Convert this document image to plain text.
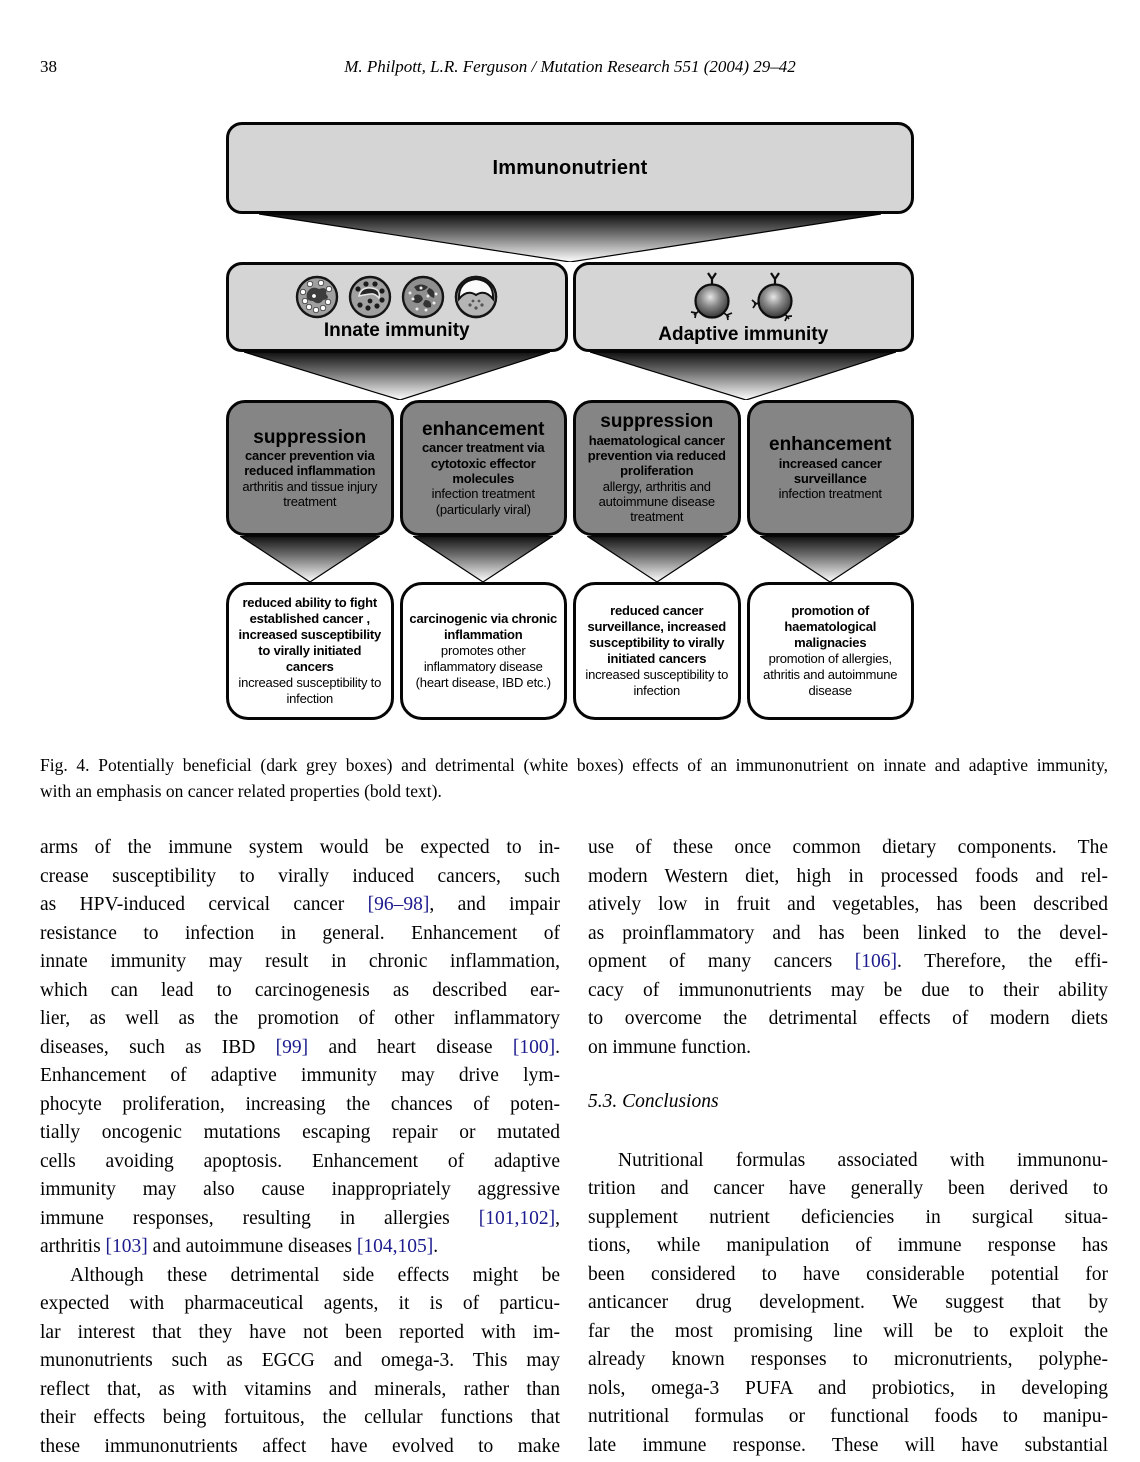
38	M. Philpott, L.R. Ferguson / Mutation Research 551 (2004) 29–42
Immunonutrient
Innate immunity	Adaptive immunity
suppression
cancer prevention via reduced inflammation
arthritis and tissue injury treatment
enhancement
cancer treatment via cytotoxic effector molecules
infection treatment (particularly viral)
suppression
haematological cancer prevention via reduced proliferation
allergy, arthritis and autoimmune disease treatment
enhancement
increased cancer surveillance
infection treatment
reduced ability to fight established cancer , increased susceptibility to virally initiated cancers
increased susceptibility to infection
carcinogenic via chronic inflammation
promotes other inflammatory disease (heart disease, IBD etc.)
reduced cancer surveillance, increased susceptibility to virally initiated cancers
increased susceptibility to infection
promotion of haematological malignacies
promotion of allergies, athritis and autoimmune disease
Fig. 4. Potentially beneficial (dark grey boxes) and detrimental (white boxes) effects of an immunonutrient on innate and adaptive immunity,
with an emphasis on cancer related properties (bold text).
arms of the immune system would be expected to in-
crease susceptibility to virally induced cancers, such
as HPV-induced cervical cancer [96–98], and impair
resistance to infection in general. Enhancement of
innate immunity may result in chronic inflammation,
which can lead to carcinogenesis as described ear-
lier, as well as the promotion of other inflammatory
diseases, such as IBD [99] and heart disease [100].
Enhancement of adaptive immunity may drive lym-
phocyte proliferation, increasing the chances of poten-
tially oncogenic mutations escaping repair or mutated
cells avoiding apoptosis. Enhancement of adaptive
immunity may also cause inappropriately aggressive
immune responses, resulting in allergies [101,102],
arthritis [103] and autoimmune diseases [104,105].
Although these detrimental side effects might be
expected with pharmaceutical agents, it is of particu-
lar interest that they have not been reported with im-
munonutrients such as EGCG and omega-3. This may
reflect that, as with vitamins and minerals, rather than
their effects being fortuitous, the cellular functions that
these immunonutrients affect have evolved to make
use of these once common dietary components. The
modern Western diet, high in processed foods and rel-
atively low in fruit and vegetables, has been described
as proinflammatory and has been linked to the devel-
opment of many cancers [106]. Therefore, the effi-
cacy of immunonutrients may be due to their ability
to overcome the detrimental effects of modern diets
on immune function.
5.3. Conclusions
Nutritional formulas associated with immunonu-
trition and cancer have generally been derived to
supplement nutrient deficiencies in surgical situa-
tions, while manipulation of immune response has
been considered to have considerable potential for
anticancer drug development. We suggest that by
far the most promising line will be to exploit the
already known responses to micronutrients, polyphe-
nols, omega-3 PUFA and probiotics, in developing
nutritional formulas or functional foods to manipu-
late immune response. These will have substantial
